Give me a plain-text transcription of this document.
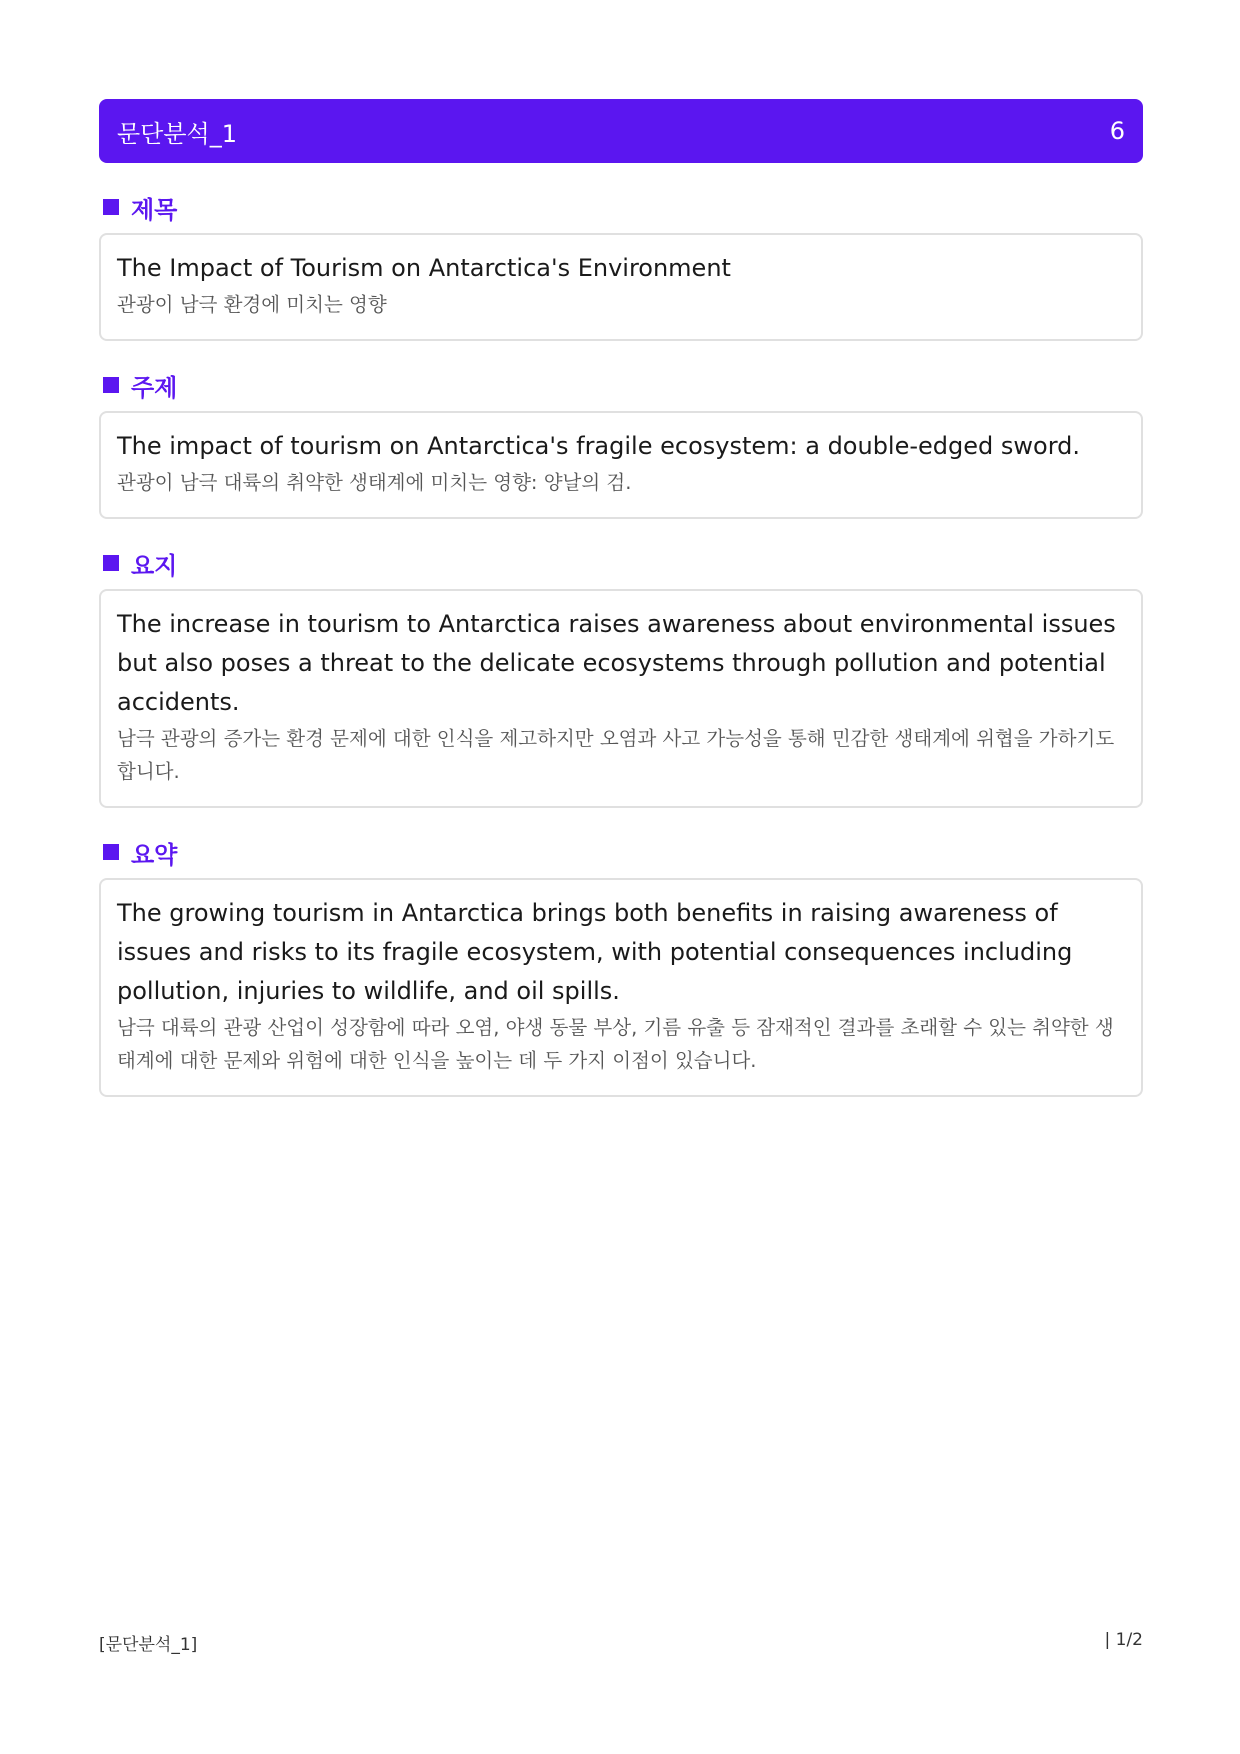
문단분석_1	6
제목
The Impact of Tourism on Antarctica's Environment
관광이 남극 환경에 미치는 영향
주제
The impact of tourism on Antarctica's fragile ecosystem: a double-edged sword.
관광이 남극 대륙의 취약한 생태계에 미치는 영향: 양날의 검.
요지
The increase in tourism to Antarctica raises awareness about environmental issues but also poses a threat to the delicate ecosystems through pollution and potential accidents.
남극 관광의 증가는 환경 문제에 대한 인식을 제고하지만 오염과 사고 가능성을 통해 민감한 생태계에 위협을 가하기도 합니다.
요약
The growing tourism in Antarctica brings both benefits in raising awareness of issues and risks to its fragile ecosystem, with potential consequences including pollution, injuries to wildlife, and oil spills.
남극 대륙의 관광 산업이 성장함에 따라 오염, 야생 동물 부상, 기름 유출 등 잠재적인 결과를 초래할 수 있는 취약한 생태계에 대한 문제와 위험에 대한 인식을 높이는 데 두 가지 이점이 있습니다.
[문단분석_1]	| 1/2
